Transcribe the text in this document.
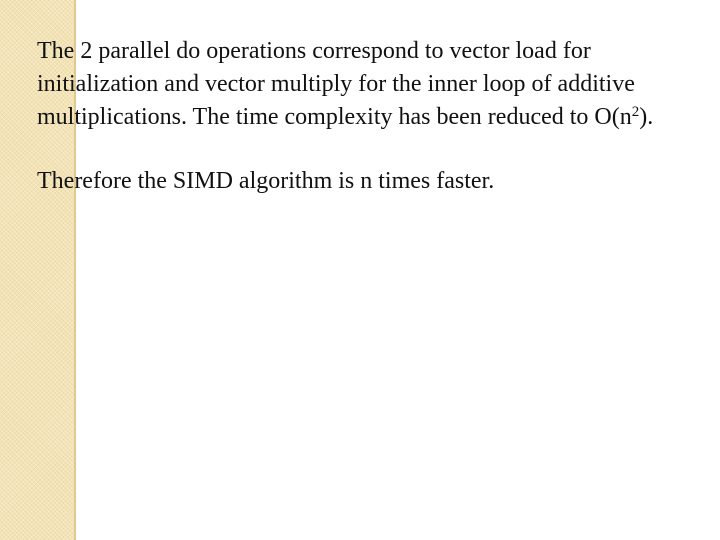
The 2 parallel do operations correspond to vector load for initialization and vector multiply for the inner loop of additive multiplications. The time complexity has been reduced to $O(n^2)$.

Therefore the SIMD algorithm is n times faster.
